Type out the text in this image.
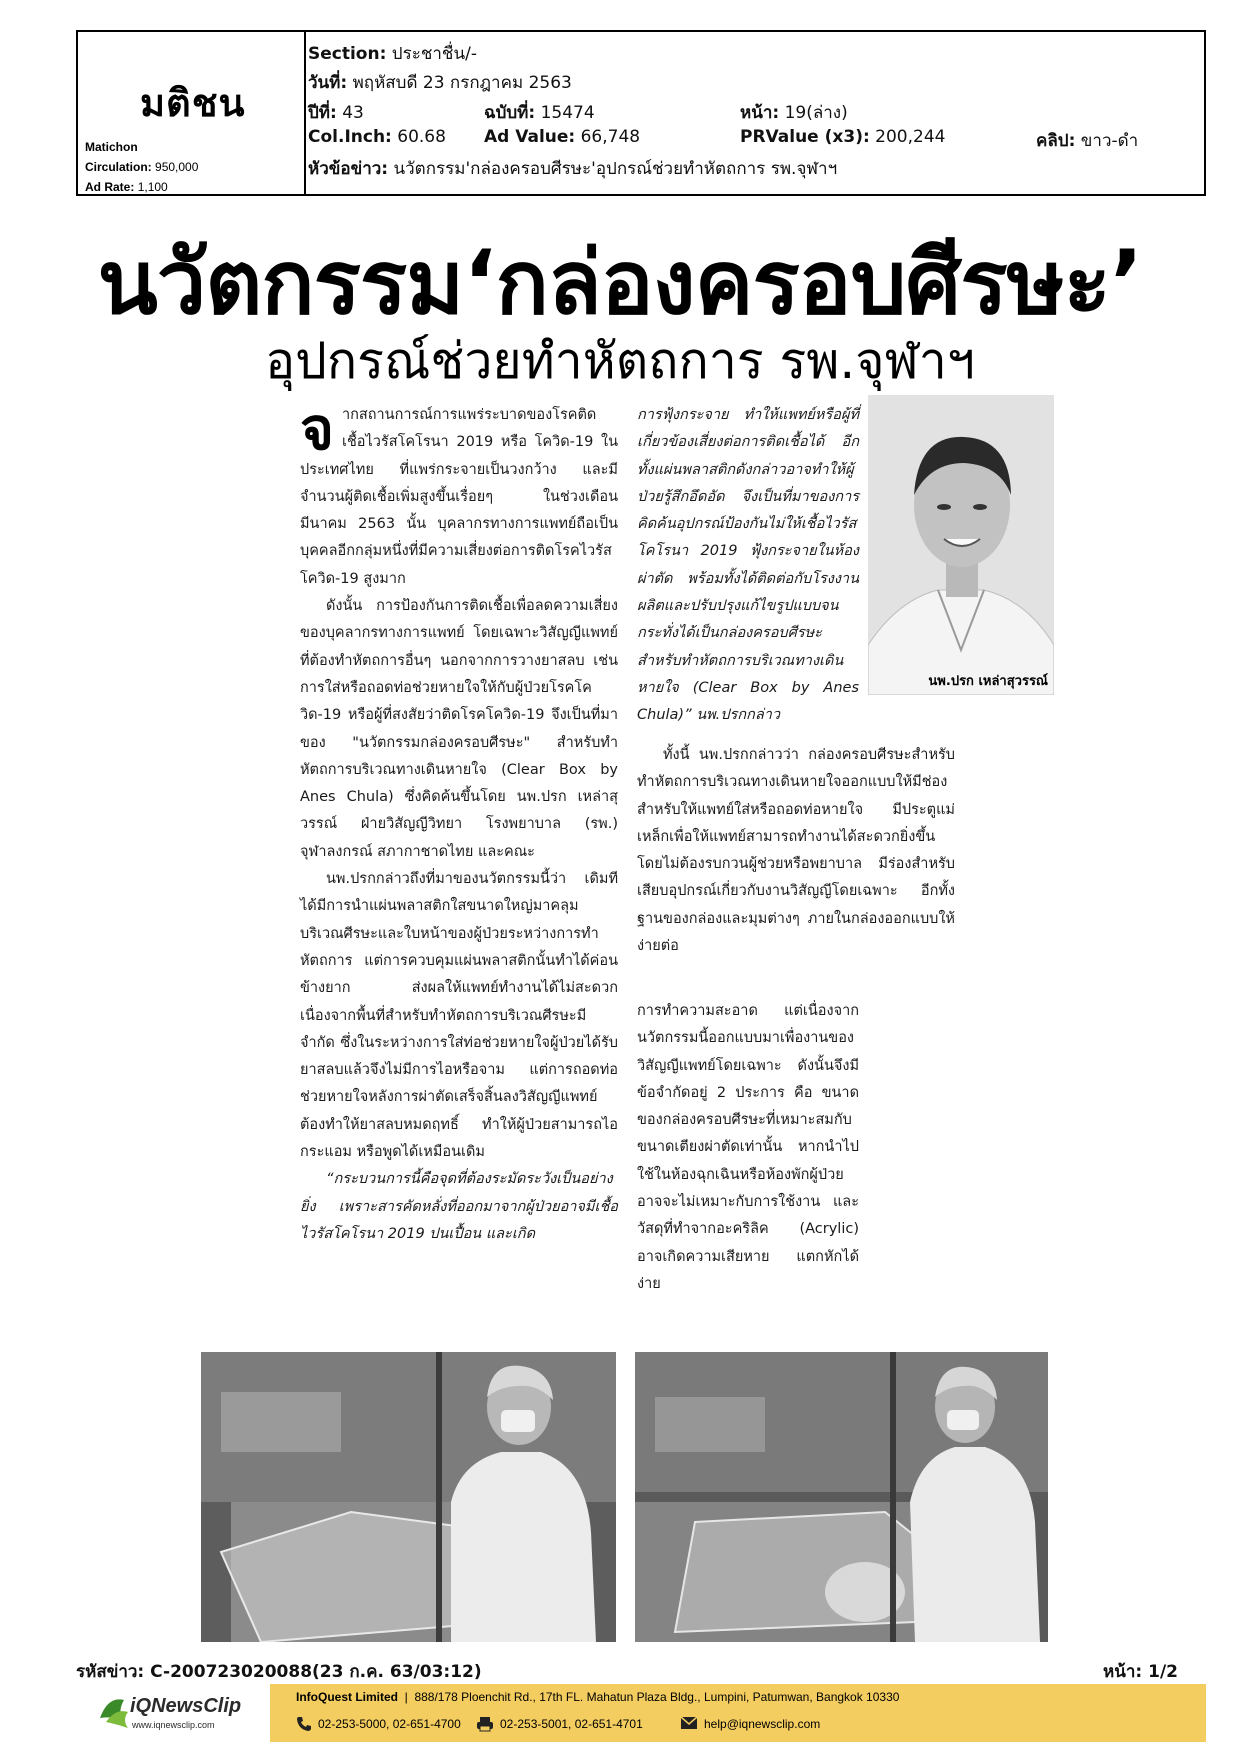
มติชน
Matichon
Circulation: 950,000
Ad Rate: 1,100
Section: ประชาชื่น/-
วันที่: พฤหัสบดี 23 กรกฎาคม 2563
ปีที่: 43	ฉบับที่: 15474	หน้า: 19(ล่าง)
Col.Inch: 60.68 Ad Value: 66,748	PRValue (x3): 200,244	คลิป: ขาว-ดำ
หัวข้อข่าว: นวัตกรรม'กล่องครอบศีรษะ'อุปกรณ์ช่วยทำหัตถการ รพ.จุฬาฯ
นวัตกรรม‘กล่องครอบศีรษะ’
อุปกรณ์ช่วยทำหัตถการ รพ.จุฬาฯ

จากสถานการณ์การแพร่ระบาดของโรคติดเชื้อไวรัสโคโรนา 2019 หรือ โควิด-19 ในประเทศไทย ที่แพร่กระจายเป็นวงกว้าง และมีจำนวนผู้ติดเชื้อเพิ่มสูงขึ้นเรื่อยๆ ในช่วงเดือนมีนาคม 2563 นั้น บุคลากรทางการแพทย์ถือเป็นบุคคลอีกกลุ่มหนึ่งที่มีความเสี่ยงต่อการติดโรคไวรัสโควิด-19 สูงมาก

ดังนั้น การป้องกันการติดเชื้อเพื่อลดความเสี่ยงของบุคลากรทางการแพทย์ โดยเฉพาะวิสัญญีแพทย์ที่ต้องทำหัตถการอื่นๆ นอกจากการวางยาสลบ เช่น การใส่หรือถอดท่อช่วยหายใจให้กับผู้ป่วยโรคโควิด-19 หรือผู้ที่สงสัยว่าติดโรคโควิด-19 จึงเป็นที่มาของ "นวัตกรรมกล่องครอบศีรษะ" สำหรับทำหัตถการบริเวณทางเดินหายใจ (Clear Box by Anes Chula) ซึ่งคิดค้นขึ้นโดย นพ.ปรก เหล่าสุวรรณ์ ฝ่ายวิสัญญีวิทยา โรงพยาบาล (รพ.) จุฬาลงกรณ์ สภากาชาดไทย และคณะ

นพ.ปรกกล่าวถึงที่มาของนวัตกรรมนี้ว่า เดิมทีได้มีการนำแผ่นพลาสติกใสขนาดใหญ่มาคลุมบริเวณศีรษะและใบหน้าของผู้ป่วยระหว่างการทำหัตถการ แต่การควบคุมแผ่นพลาสติกนั้นทำได้ค่อนข้างยาก ส่งผลให้แพทย์ทำงานได้ไม่สะดวก เนื่องจากพื้นที่สำหรับทำหัตถการบริเวณศีรษะมีจำกัด ซึ่งในระหว่างการใส่ท่อช่วยหายใจผู้ป่วยได้รับยาสลบแล้วจึงไม่มีการไอหรือจาม แต่การถอดท่อช่วยหายใจหลังการผ่าตัดเสร็จสิ้นลงวิสัญญีแพทย์ต้องทำให้ยาสลบหมดฤทธิ์ ทำให้ผู้ป่วยสามารถไอ กระแอม หรือพูดได้เหมือนเดิม

“กระบวนการนี้คือจุดที่ต้องระมัดระวังเป็นอย่างยิ่ง เพราะสารคัดหลั่งที่ออกมาจากผู้ป่วยอาจมีเชื้อไวรัสโคโรนา 2019 ปนเปื้อน และเกิด

นพ.ปรก เหล่าสุวรรณ์

การฟุ้งกระจาย ทำให้แพทย์หรือผู้ที่เกี่ยวข้องเสี่ยงต่อการติดเชื้อได้ อีกทั้งแผ่นพลาสติกดังกล่าวอาจทำให้ผู้ป่วยรู้สึกอึดอัด จึงเป็นที่มาของการคิดค้นอุปกรณ์ป้องกันไม่ให้เชื้อไวรัสโคโรนา 2019 ฟุ้งกระจายในห้องผ่าตัด พร้อมทั้งได้ติดต่อกับโรงงานผลิตและปรับปรุงแก้ไขรูปแบบจนกระทั่งได้เป็นกล่องครอบศีรษะสำหรับทำหัตถการบริเวณทางเดินหายใจ (Clear Box by Anes Chula)” นพ.ปรกกล่าว

ทั้งนี้ นพ.ปรกกล่าวว่า กล่องครอบศีรษะสำหรับทำหัตถการบริเวณทางเดินหายใจออกแบบให้มีช่องสำหรับให้แพทย์ใส่หรือถอดท่อหายใจ มีประตูแม่เหล็กเพื่อให้แพทย์สามารถทำงานได้สะดวกยิ่งขึ้นโดยไม่ต้องรบกวนผู้ช่วยหรือพยาบาล มีร่องสำหรับเสียบอุปกรณ์เกี่ยวกับงานวิสัญญีโดยเฉพาะ อีกทั้งฐานของกล่องและมุมต่างๆ ภายในกล่องออกแบบให้ง่ายต่อ

การทำความสะอาด แต่เนื่องจากนวัตกรรมนี้ออกแบบมาเพื่องานของวิสัญญีแพทย์โดยเฉพาะ ดังนั้นจึงมีข้อจำกัดอยู่ 2 ประการ คือ ขนาดของกล่องครอบศีรษะที่เหมาะสมกับขนาดเตียงผ่าตัดเท่านั้น หากนำไปใช้ในห้องฉุกเฉินหรือห้องพักผู้ป่วยอาจจะไม่เหมาะกับการใช้งาน และวัสดุที่ทำจากอะคริลิค (Acrylic) อาจเกิดความเสียหาย แตกหักได้ง่าย

รหัสข่าว: C-200723020088(23 ก.ค. 63/03:12)	หน้า: 1/2
iQNewsClip
www.iqnewsclip.com
InfoQuest Limited  |  888/178 Ploenchit Rd., 17th FL. Mahatun Plaza Bldg., Lumpini, Patumwan, Bangkok 10330
02-253-5000, 02-651-4700	02-253-5001, 02-651-4701	help@iqnewsclip.com
